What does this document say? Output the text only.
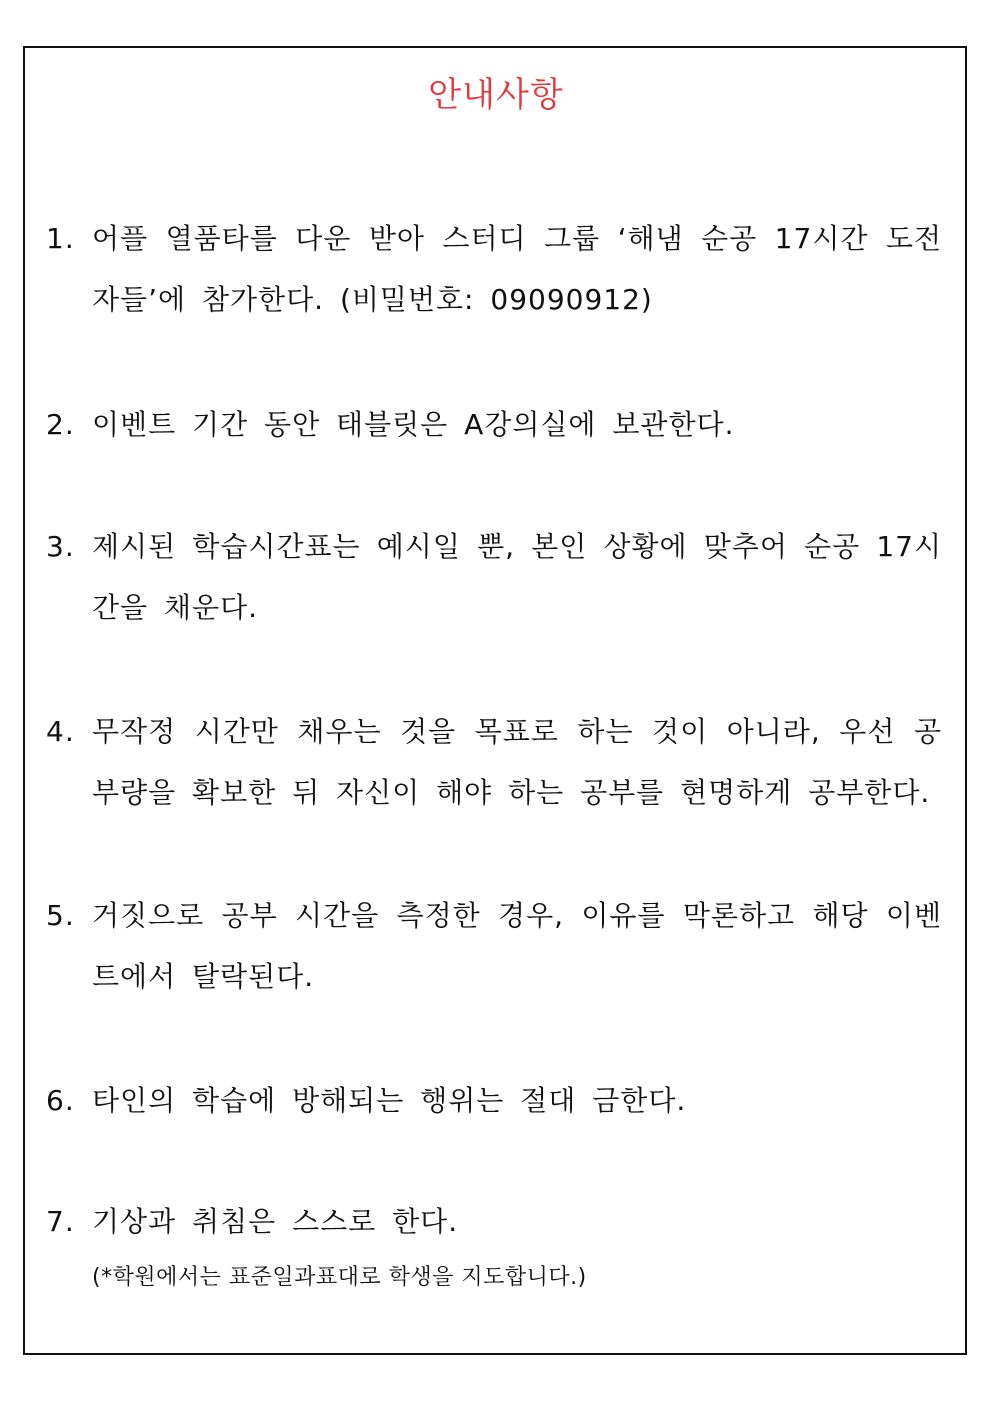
안내사항
1. 어플 열품타를 다운 받아 스터디 그룹 ‘해냄 순공 17시간 도전자들’에 참가한다. (비밀번호: 09090912)
2. 이벤트 기간 동안 태블릿은 A강의실에 보관한다.
3. 제시된 학습시간표는 예시일 뿐, 본인 상황에 맞추어 순공 17시간을 채운다.
4. 무작정 시간만 채우는 것을 목표로 하는 것이 아니라, 우선 공부량을 확보한 뒤 자신이 해야 하는 공부를 현명하게 공부한다.
5. 거짓으로 공부 시간을 측정한 경우, 이유를 막론하고 해당 이벤트에서 탈락된다.
6. 타인의 학습에 방해되는 행위는 절대 금한다.
7. 기상과 취침은 스스로 한다.
(*학원에서는 표준일과표대로 학생을 지도합니다.)
